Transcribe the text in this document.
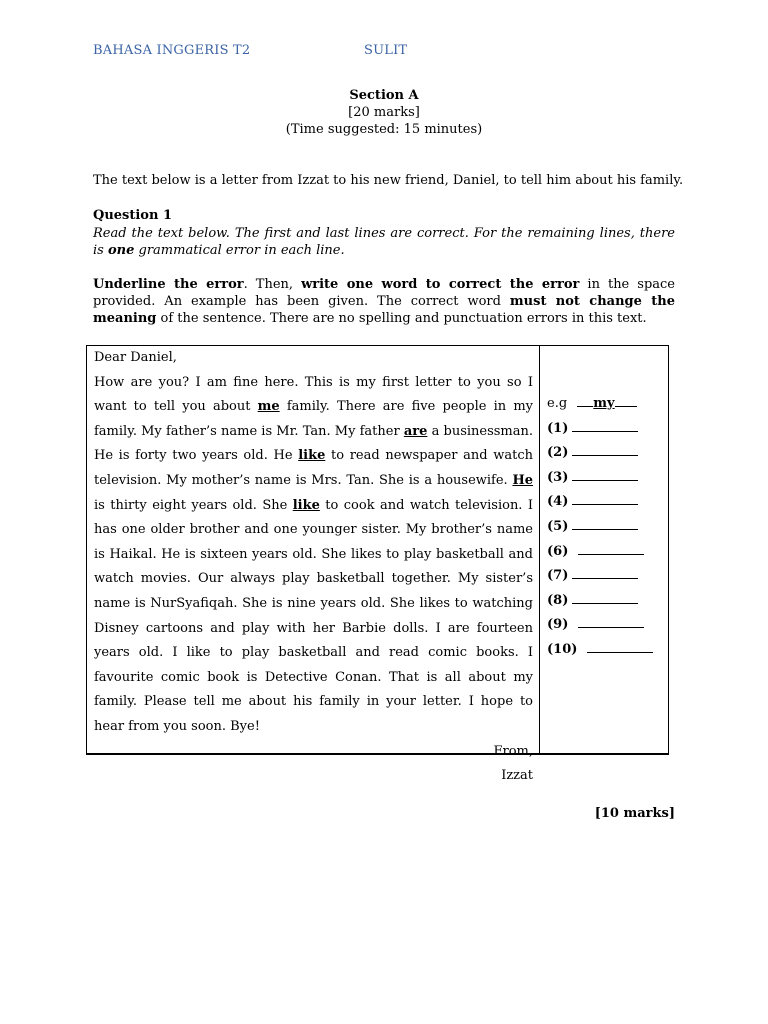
BAHASA INGGERIS T2	SULIT
Section A
[20 marks]
(Time suggested: 15 minutes)
The text below is a letter from Izzat to his new friend, Daniel, to tell him about his family.
Question 1
Read the text below. The first and last lines are correct. For the remaining lines, there is one grammatical error in each line.
Underline the error. Then, write one word to correct the error in the space provided. An example has been given. The correct word must not change the meaning of the sentence. There are no spelling and punctuation errors in this text.

Dear Daniel,

How are you? I am fine here. This is my first letter to you so I want to tell you about me family. There are five people in my family. My father’s name is Mr. Tan. My father are a businessman. He is forty two years old. He like to read newspaper and watch television. My mother’s name is Mrs. Tan. She is a housewife. He is thirty eight years old. She like to cook and watch television. I has one older brother and one younger sister. My brother’s name is Haikal. He is sixteen years old. She likes to play basketball and watch movies. Our always play basketball together. My sister’s name is NurSyafiqah. She is nine years old. She likes to watching Disney cartoons and play with her Barbie dolls. I are fourteen years old. I like to play basketball and read comic books. I favourite comic book is Detective Conan. That is all about my family. Please tell me about his family in your letter. I hope to hear from you soon. Bye!

From,

Izzat

e.g my
(1)
(2)
(3)
(4)
(5)
(6)
(7)
(8)
(9)
(10)
[10 marks]
